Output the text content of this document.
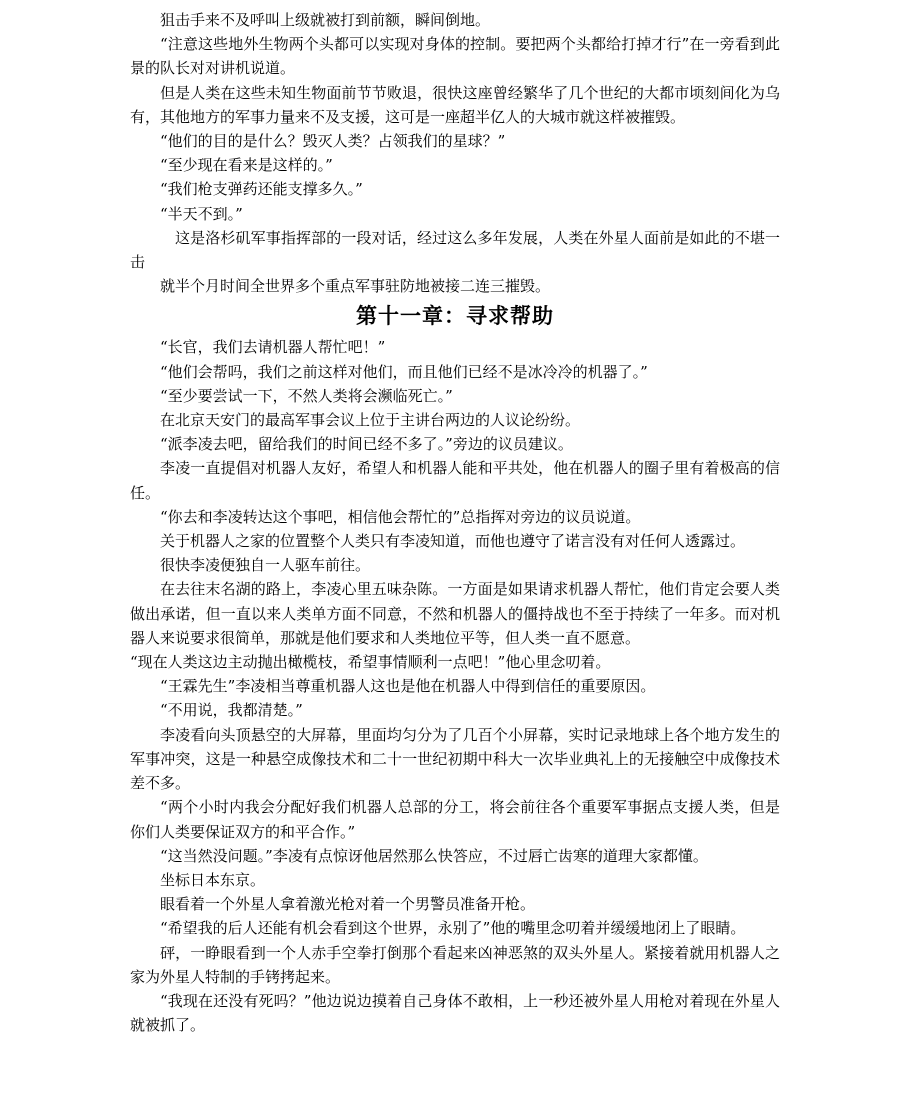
狙击手来不及呼叫上级就被打到前额，瞬间倒地。

“注意这些地外生物两个头都可以实现对身体的控制。要把两个头都给打掉才行”在一旁看到此景的队长对对讲机说道。

但是人类在这些未知生物面前节节败退，很快这座曾经繁华了几个世纪的大都市顷刻间化为乌有，其他地方的军事力量来不及支援，这可是一座超半亿人的大城市就这样被摧毁。

“他们的目的是什么？毁灭人类？占领我们的星球？”

“至少现在看来是这样的。”

“我们枪支弹药还能支撑多久。”

“半天不到。”

这是洛杉矶军事指挥部的一段对话，经过这么多年发展，人类在外星人面前是如此的不堪一击

就半个月时间全世界多个重点军事驻防地被接二连三摧毁。

第十一章：寻求帮助

“长官，我们去请机器人帮忙吧！”

“他们会帮吗，我们之前这样对他们，而且他们已经不是冰冷冷的机器了。”

“至少要尝试一下，不然人类将会濒临死亡。”

在北京天安门的最高军事会议上位于主讲台两边的人议论纷纷。

“派李凌去吧，留给我们的时间已经不多了。”旁边的议员建议。

李凌一直提倡对机器人友好，希望人和机器人能和平共处，他在机器人的圈子里有着极高的信任。

“你去和李凌转达这个事吧，相信他会帮忙的”总指挥对旁边的议员说道。

关于机器人之家的位置整个人类只有李凌知道，而他也遵守了诺言没有对任何人透露过。

很快李凌便独自一人驱车前往。

在去往末名湖的路上，李凌心里五味杂陈。一方面是如果请求机器人帮忙，他们肯定会要人类做出承诺，但一直以来人类单方面不同意，不然和机器人的僵持战也不至于持续了一年多。而对机器人来说要求很简单，那就是他们要求和人类地位平等，但人类一直不愿意。

“现在人类这边主动抛出橄榄枝，希望事情顺利一点吧！”他心里念叨着。

“王霖先生”李凌相当尊重机器人这也是他在机器人中得到信任的重要原因。

“不用说，我都清楚。”

李凌看向头顶悬空的大屏幕，里面均匀分为了几百个小屏幕，实时记录地球上各个地方发生的军事冲突，这是一种悬空成像技术和二十一世纪初期中科大一次毕业典礼上的无接触空中成像技术差不多。

“两个小时内我会分配好我们机器人总部的分工，将会前往各个重要军事据点支援人类，但是你们人类要保证双方的和平合作。”

“这当然没问题。”李凌有点惊讶他居然那么快答应，不过唇亡齿寒的道理大家都懂。

坐标日本东京。

眼看着一个外星人拿着激光枪对着一个男警员准备开枪。

“希望我的后人还能有机会看到这个世界，永别了”他的嘴里念叨着并缓缓地闭上了眼睛。

砰，一睁眼看到一个人赤手空拳打倒那个看起来凶神恶煞的双头外星人。紧接着就用机器人之家为外星人特制的手铐拷起来。

“我现在还没有死吗？”他边说边摸着自己身体不敢相，上一秒还被外星人用枪对着现在外星人就被抓了。
